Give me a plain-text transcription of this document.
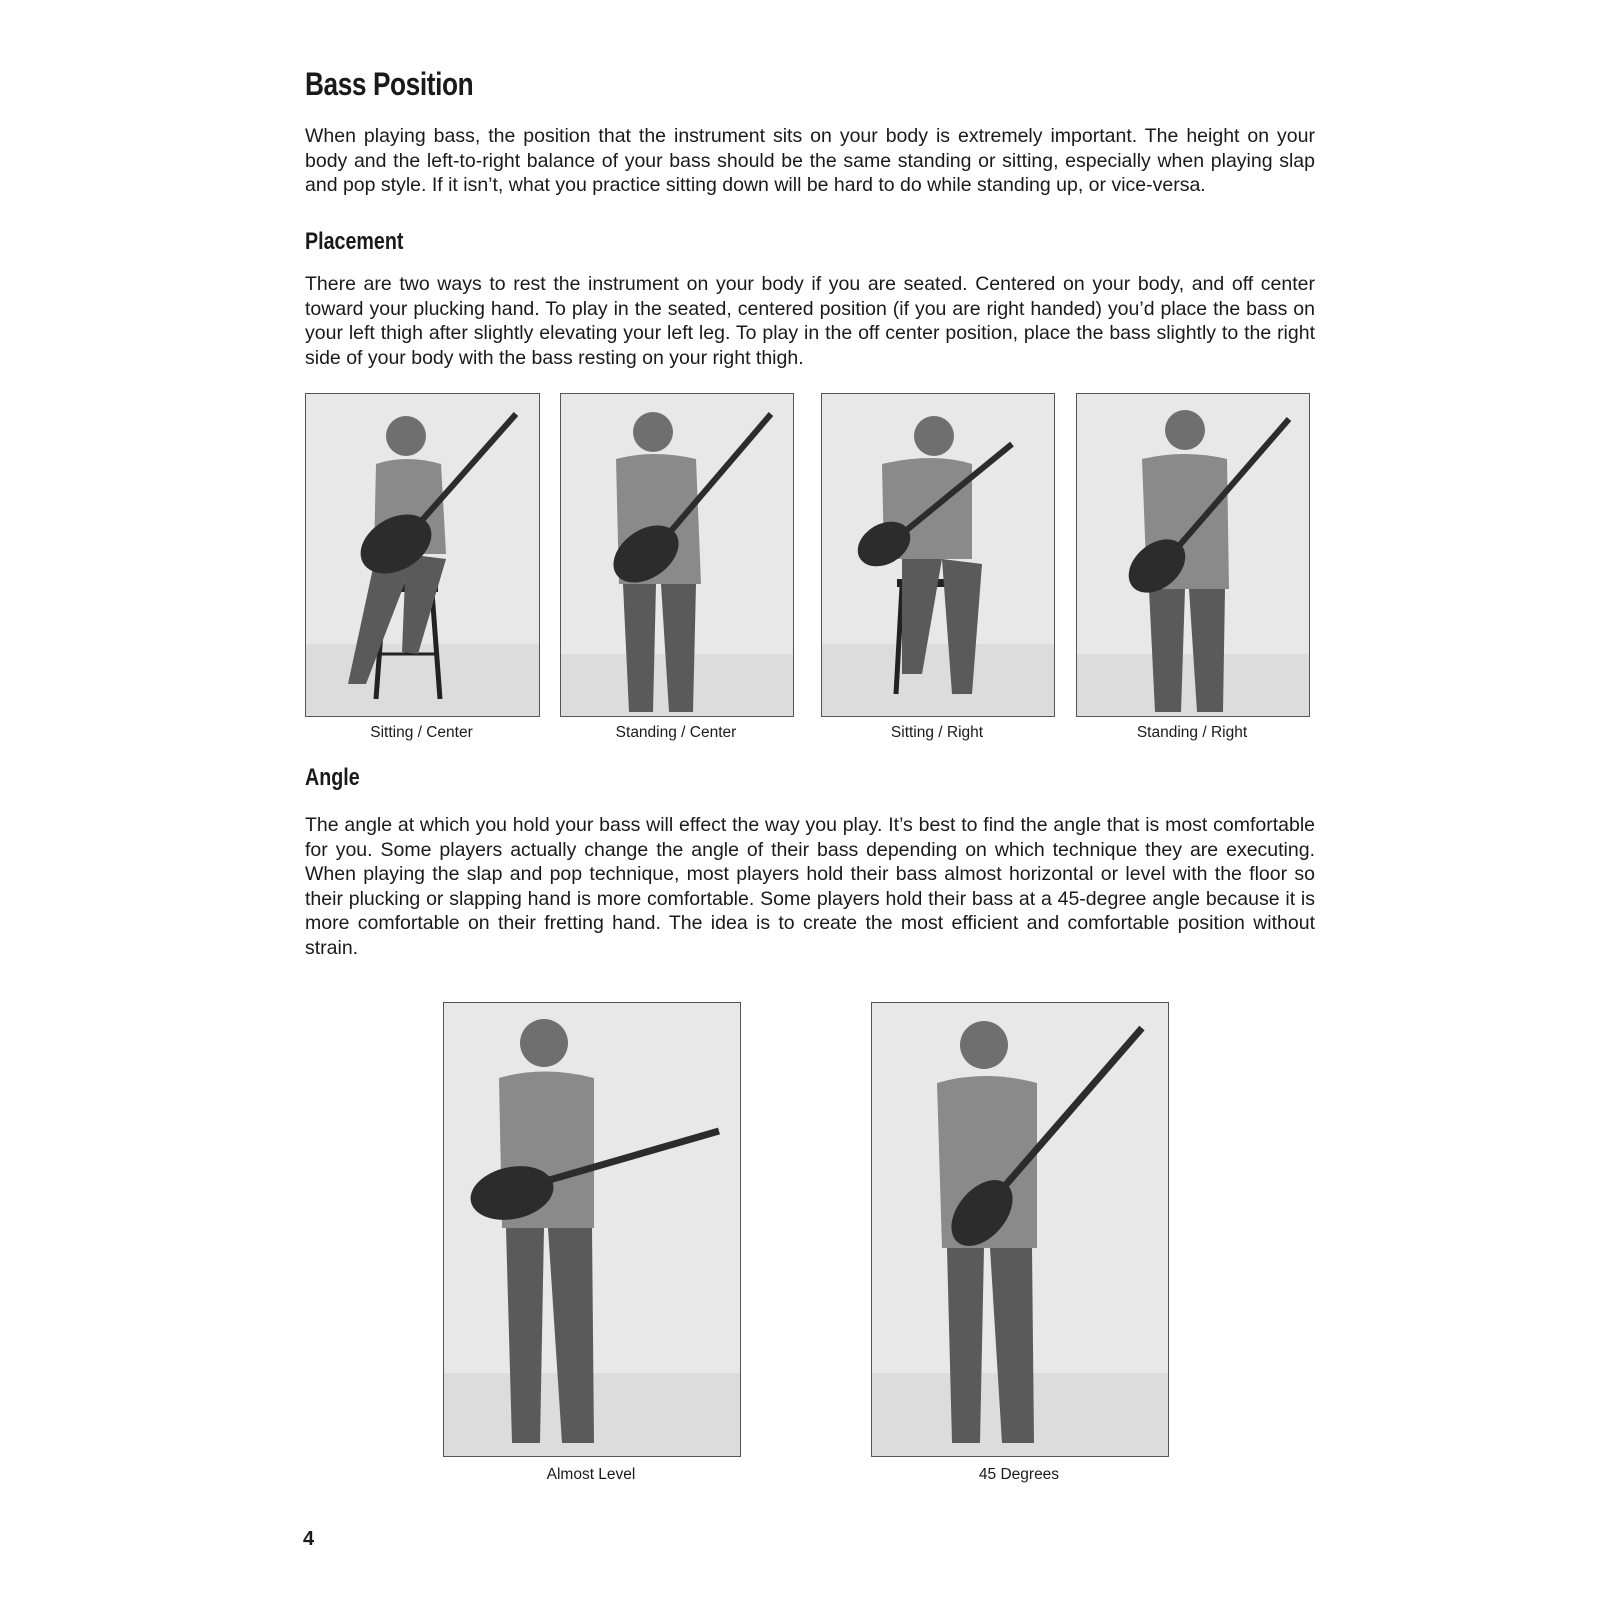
Bass Position

When playing bass, the position that the instrument sits on your body is extremely important. The height on your body and the left-to-right balance of your bass should be the same standing or sitting, especially when playing slap and pop style. If it isn’t, what you practice sitting down will be hard to do while standing up, or vice-versa.

Placement

There are two ways to rest the instrument on your body if you are seated. Centered on your body, and off center toward your plucking hand. To play in the seated, centered position (if you are right handed) you’d place the bass on your left thigh after slightly elevating your left leg. To play in the off center position, place the bass slightly to the right side of your body with the bass resting on your right thigh.

Sitting / Center	Standing / Center	Sitting / Right	Standing / Right
Angle

The angle at which you hold your bass will effect the way you play. It’s best to find the angle that is most comfortable for you. Some players actually change the angle of their bass depending on which technique they are executing. When playing the slap and pop technique, most players hold their bass almost horizontal or level with the floor so their plucking or slapping hand is more comfortable. Some players hold their bass at a 45-degree angle because it is more comfortable on their fretting hand. The idea is to create the most efficient and comfortable position without strain.

Almost Level	45 Degrees
4
